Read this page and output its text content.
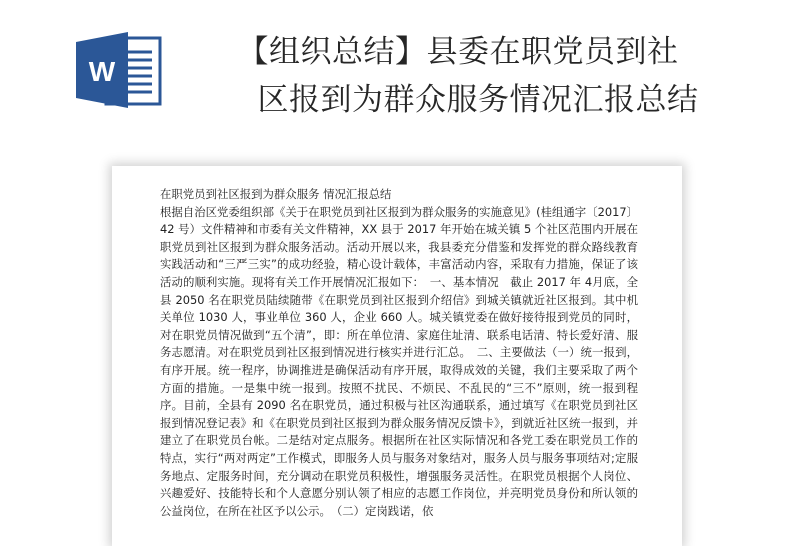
W
【组织总结】县委在职党员到社
区报到为群众服务情况汇报总结

在职党员到社区报到为群众服务 情况汇报总结

根据自治区党委组织部《关于在职党员到社区报到为群众服务的实施意见》(桂组通字〔2017〕42 号）文件精神和市委有关文件精神，XX 县于 2017 年开始在城关镇 5 个社区范围内开展在职党员到社区报到为群众服务活动。活动开展以来，我县委充分借鉴和发挥党的群众路线教育实践活动和“三严三实”的成功经验，精心设计载体，丰富活动内容，采取有力措施，保证了该活动的顺利实施。现将有关工作开展情况汇报如下：　一、基本情况　截止 2017 年 4月底，全县 2050 名在职党员陆续随带《在职党员到社区报到介绍信》到城关镇就近社区报到。其中机关单位 1030 人，事业单位 360 人，企业 660 人。城关镇党委在做好接待报到党员的同时，对在职党员情况做到“五个清”，即：所在单位清、家庭住址清、联系电话清、特长爱好清、服务志愿清。对在职党员到社区报到情况进行核实并进行汇总。　二、主要做法（一）统一报到，有序开展。统一程序，协调推进是确保活动有序开展，取得成效的关键，我们主要采取了两个方面的措施。一是集中统一报到。按照不扰民、不烦民、不乱民的“三不”原则，统一报到程序。目前，全县有 2090 名在职党员，通过积极与社区沟通联系，通过填写《在职党员到社区报到情况登记表》和《在职党员到社区报到为群众服务情况反馈卡》，到就近社区统一报到，并建立了在职党员台帐。二是结对定点服务。根据所在社区实际情况和各党工委在职党员工作的特点，实行“两对两定”工作模式，即服务人员与服务对象结对，服务人员与服务事项结对;定服务地点、定服务时间，充分调动在职党员积极性，增强服务灵活性。在职党员根据个人岗位、兴趣爱好、技能特长和个人意愿分别认领了相应的志愿工作岗位，并亮明党员身份和所认领的公益岗位，在所在社区予以公示。　（二）定岗践诺，依
